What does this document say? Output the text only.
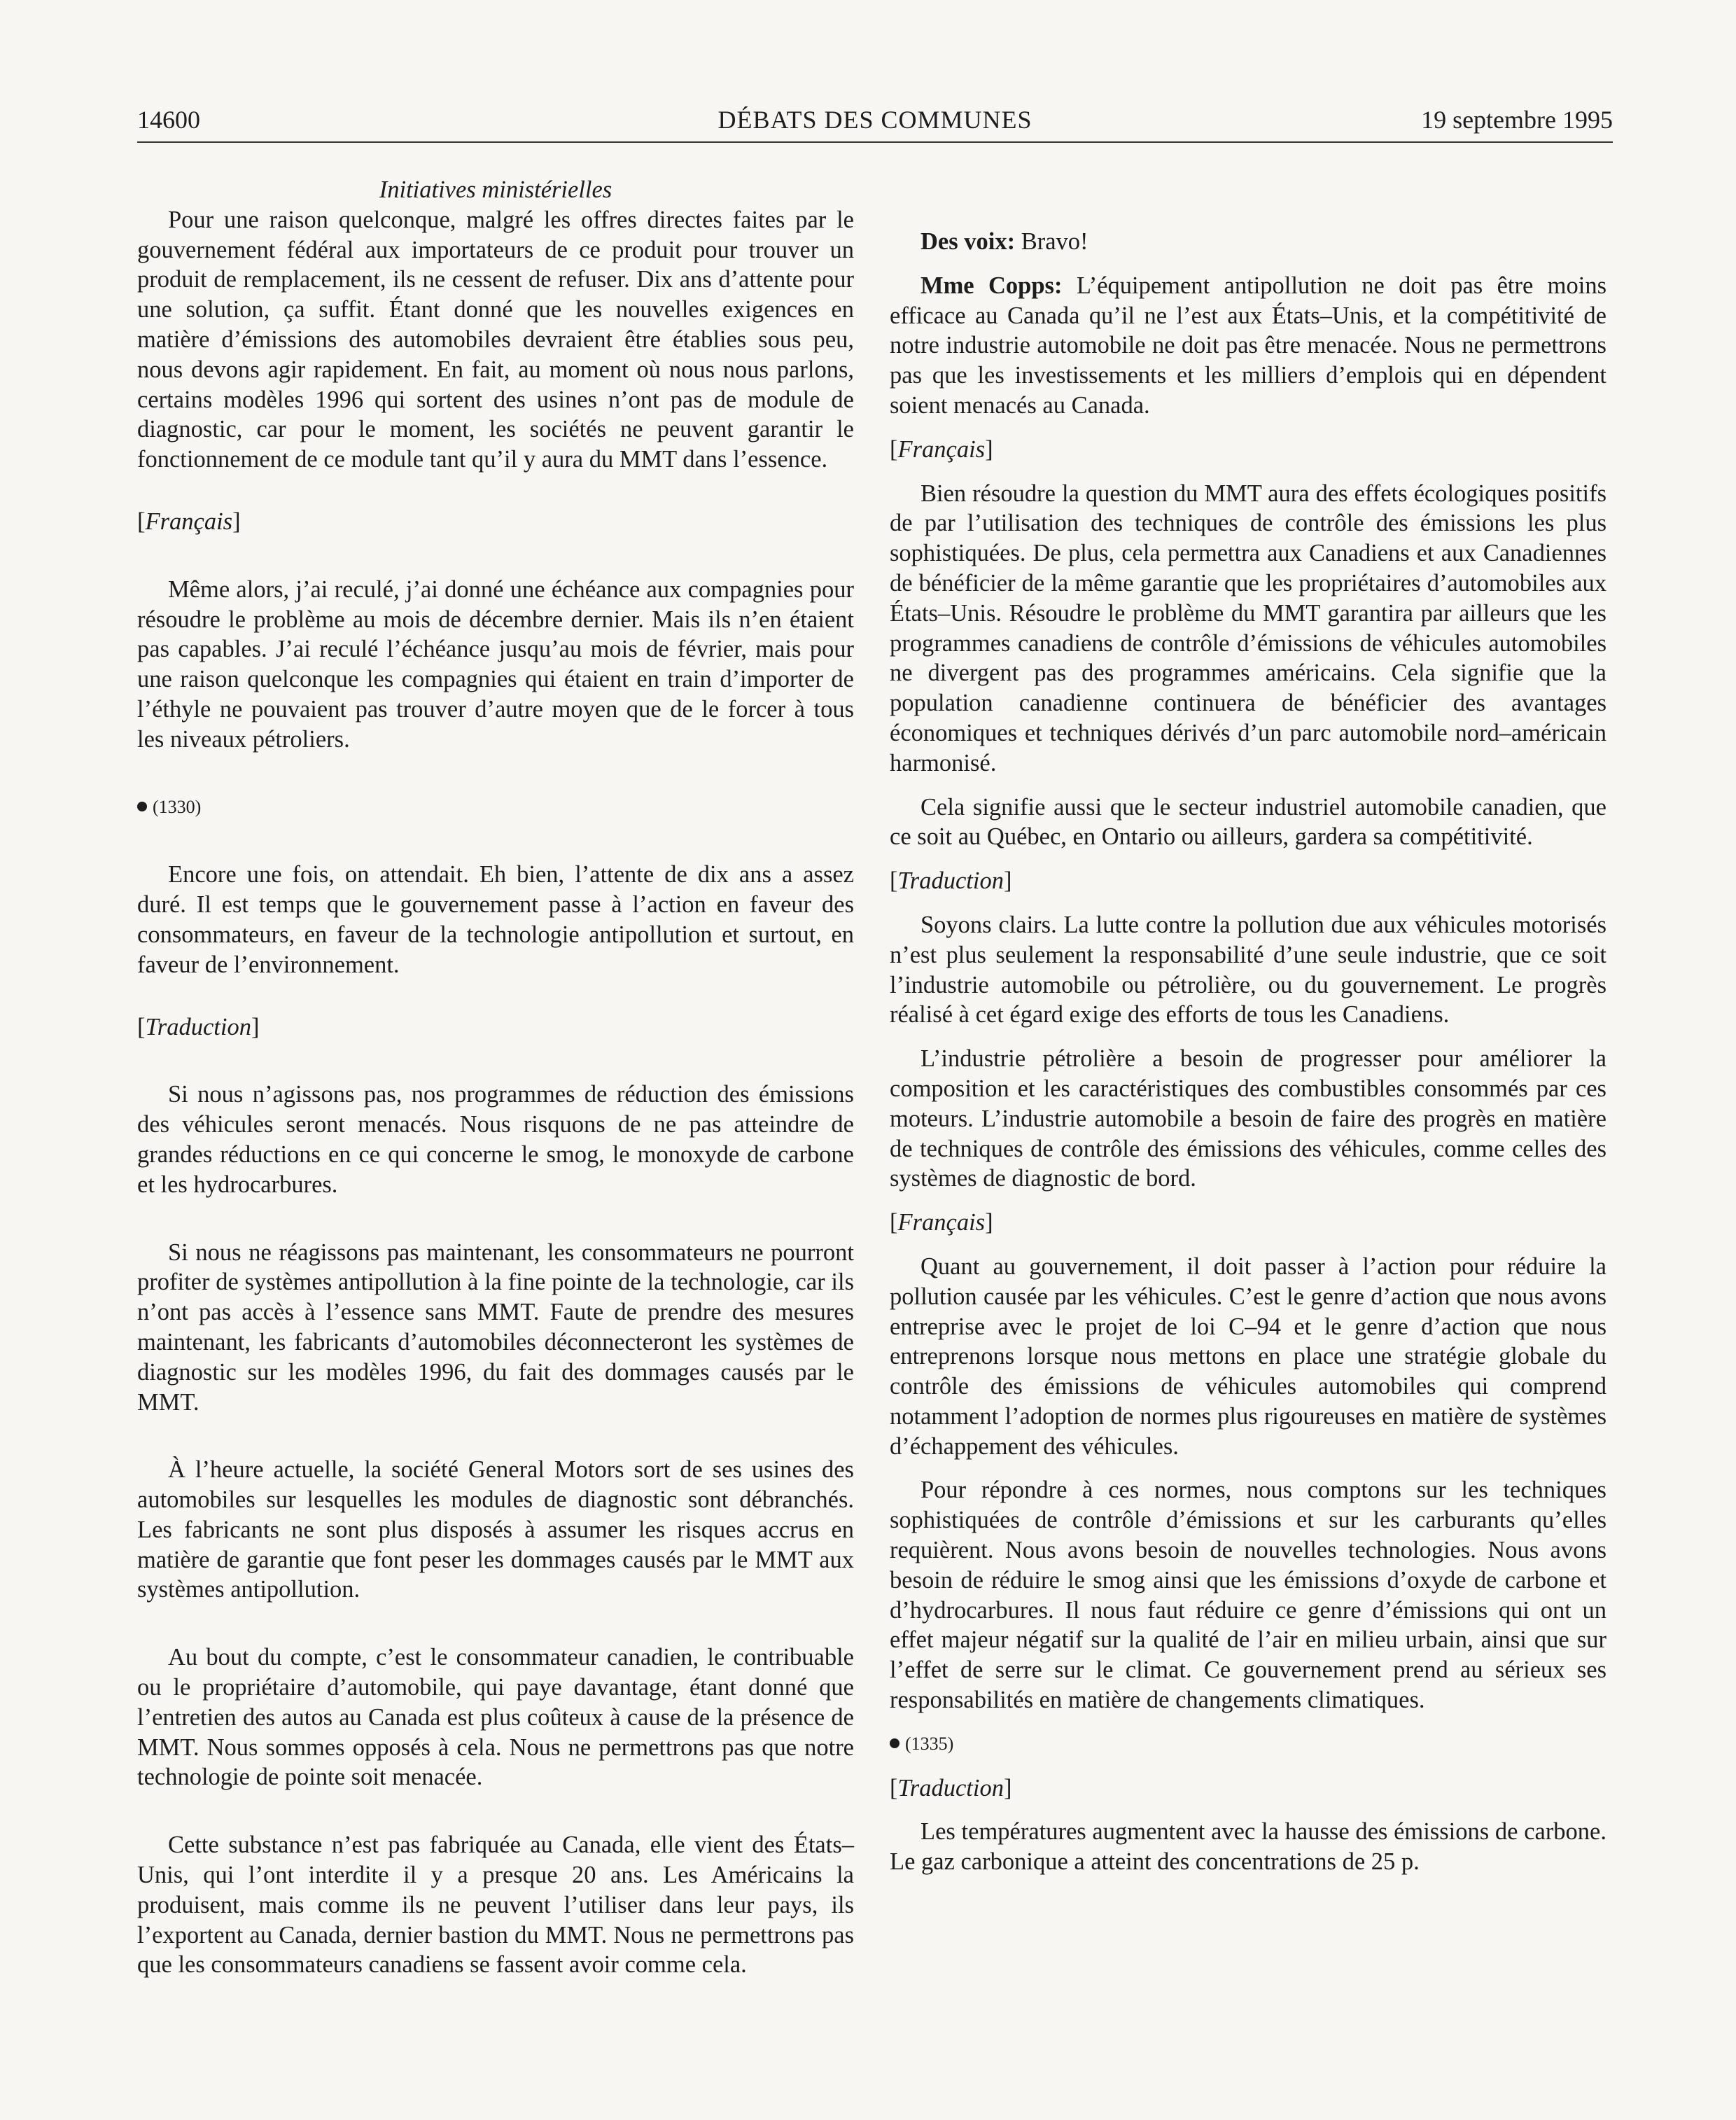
14600	DÉBATS DES COMMUNES	19 septembre 1995

Initiatives ministérielles

Pour une raison quelconque, malgré les offres directes faites par le gouvernement fédéral aux importateurs de ce produit pour trouver un produit de remplacement, ils ne cessent de refuser. Dix ans d’attente pour une solution, ça suffit. Étant donné que les nouvelles exigences en matière d’émissions des automobiles devraient être établies sous peu, nous devons agir rapidement. En fait, au moment où nous nous parlons, certains modèles 1996 qui sortent des usines n’ont pas de module de diagnostic, car pour le moment, les sociétés ne peuvent garantir le fonctionnement de ce module tant qu’il y aura du MMT dans l’essence.

[ Français ]

Même alors, j’ai reculé, j’ai donné une échéance aux compagnies pour résoudre le problème au mois de décembre dernier. Mais ils n’en étaient pas capables. J’ai reculé l’échéance jusqu’au mois de février, mais pour une raison quelconque les compagnies qui étaient en train d’importer de l’éthyle ne pouvaient pas trouver d’autre moyen que de le forcer à tous les niveaux pétroliers.

(1330)

Encore une fois, on attendait. Eh bien, l’attente de dix ans a assez duré. Il est temps que le gouvernement passe à l’action en faveur des consommateurs, en faveur de la technologie antipollution et surtout, en faveur de l’environnement.

[ Traduction ]

Si nous n’agissons pas, nos programmes de réduction des émissions des véhicules seront menacés. Nous risquons de ne pas atteindre de grandes réductions en ce qui concerne le smog, le monoxyde de carbone et les hydrocarbures.

Si nous ne réagissons pas maintenant, les consommateurs ne pourront profiter de systèmes antipollution à la fine pointe de la technologie, car ils n’ont pas accès à l’essence sans MMT. Faute de prendre des mesures maintenant, les fabricants d’automobiles déconnecteront les systèmes de diagnostic sur les modèles 1996, du fait des dommages causés par le MMT.

À l’heure actuelle, la société General Motors sort de ses usines des automobiles sur lesquelles les modules de diagnostic sont débranchés. Les fabricants ne sont plus disposés à assumer les risques accrus en matière de garantie que font peser les dommages causés par le MMT aux systèmes antipollution.

Au bout du compte, c’est le consommateur canadien, le contribuable ou le propriétaire d’automobile, qui paye davantage, étant donné que l’entretien des autos au Canada est plus coûteux à cause de la présence de MMT. Nous sommes opposés à cela. Nous ne permettrons pas que notre technologie de pointe soit menacée.

Cette substance n’est pas fabriquée au Canada, elle vient des États–Unis, qui l’ont interdite il y a presque 20 ans. Les Américains la produisent, mais comme ils ne peuvent l’utiliser dans leur pays, ils l’exportent au Canada, dernier bastion du MMT. Nous ne permettrons pas que les consommateurs canadiens se fassent avoir comme cela.

Des voix: Bravo!

Mme Copps: L’équipement antipollution ne doit pas être moins efficace au Canada qu’il ne l’est aux États–Unis, et la compétitivité de notre industrie automobile ne doit pas être menacée. Nous ne permettrons pas que les investissements et les milliers d’emplois qui en dépendent soient menacés au Canada.

[ Français ]

Bien résoudre la question du MMT aura des effets écologiques positifs de par l’utilisation des techniques de contrôle des émissions les plus sophistiquées. De plus, cela permettra aux Canadiens et aux Canadiennes de bénéficier de la même garantie que les propriétaires d’automobiles aux États–Unis. Résoudre le problème du MMT garantira par ailleurs que les programmes canadiens de contrôle d’émissions de véhicules automobiles ne divergent pas des programmes américains. Cela signifie que la population canadienne continuera de bénéficier des avantages économiques et techniques dérivés d’un parc automobile nord–américain harmonisé.

Cela signifie aussi que le secteur industriel automobile canadien, que ce soit au Québec, en Ontario ou ailleurs, gardera sa compétitivité.

[ Traduction ]

Soyons clairs. La lutte contre la pollution due aux véhicules motorisés n’est plus seulement la responsabilité d’une seule industrie, que ce soit l’industrie automobile ou pétrolière, ou du gouvernement. Le progrès réalisé à cet égard exige des efforts de tous les Canadiens.

L’industrie pétrolière a besoin de progresser pour améliorer la composition et les caractéristiques des combustibles consommés par ces moteurs. L’industrie automobile a besoin de faire des progrès en matière de techniques de contrôle des émissions des véhicules, comme celles des systèmes de diagnostic de bord.

[ Français ]

Quant au gouvernement, il doit passer à l’action pour réduire la pollution causée par les véhicules. C’est le genre d’action que nous avons entreprise avec le projet de loi C–94 et le genre d’action que nous entreprenons lorsque nous mettons en place une stratégie globale du contrôle des émissions de véhicules automobiles qui comprend notamment l’adoption de normes plus rigoureuses en matière de systèmes d’échappement des véhicules.

Pour répondre à ces normes, nous comptons sur les techniques sophistiquées de contrôle d’émissions et sur les carburants qu’elles requièrent. Nous avons besoin de nouvelles technologies. Nous avons besoin de réduire le smog ainsi que les émissions d’oxyde de carbone et d’hydrocarbures. Il nous faut réduire ce genre d’émissions qui ont un effet majeur négatif sur la qualité de l’air en milieu urbain, ainsi que sur l’effet de serre sur le climat. Ce gouvernement prend au sérieux ses responsabilités en matière de changements climatiques.

(1335)

[ Traduction ]

Les températures augmentent avec la hausse des émissions de carbone. Le gaz carbonique a atteint des concentrations de 25 p.
